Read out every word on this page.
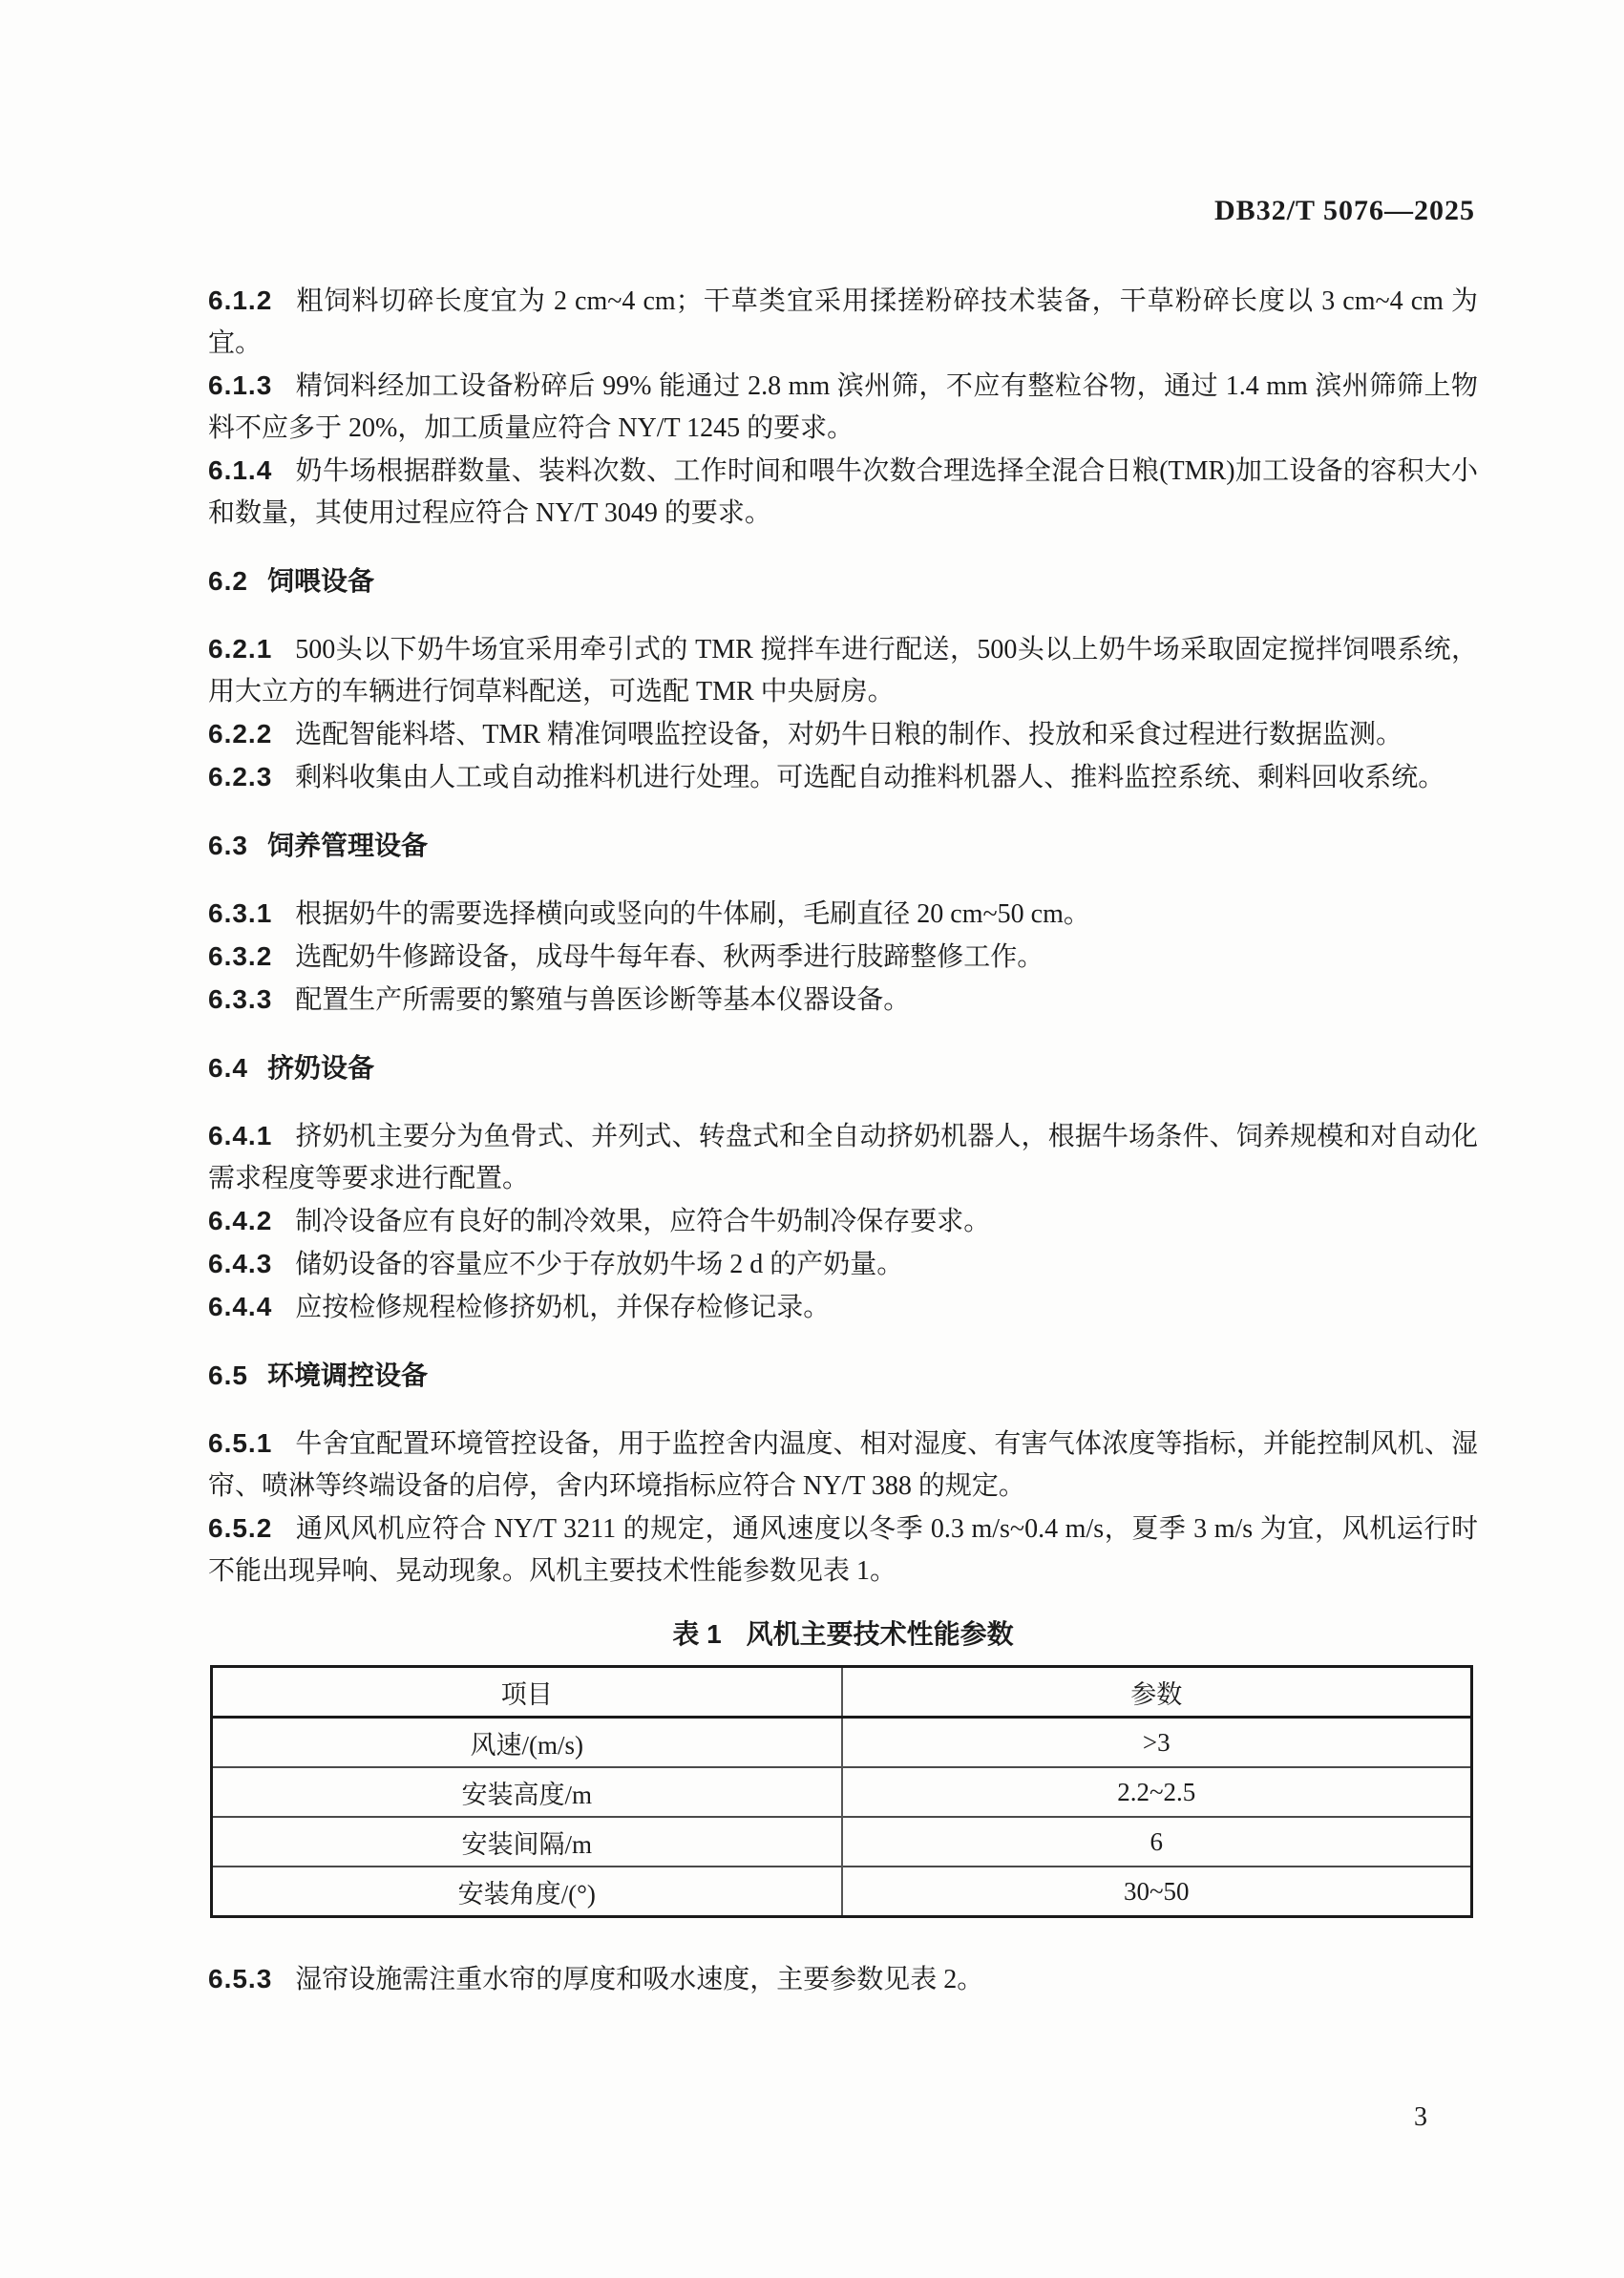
DB32/T 5076—2025

6.1.2 粗饲料切碎长度宜为 2 cm~4 cm；干草类宜采用揉搓粉碎技术装备，干草粉碎长度以 3 cm~4 cm 为宜。

6.1.3 精饲料经加工设备粉碎后 99% 能通过 2.8 mm 滨州筛，不应有整粒谷物，通过 1.4 mm 滨州筛筛上物料不应多于 20%，加工质量应符合 NY/T 1245 的要求。

6.1.4 奶牛场根据群数量、装料次数、工作时间和喂牛次数合理选择全混合日粮(TMR)加工设备的容积大小和数量，其使用过程应符合 NY/T 3049 的要求。

6.2 饲喂设备

6.2.1 500头以下奶牛场宜采用牵引式的 TMR 搅拌车进行配送，500头以上奶牛场采取固定搅拌饲喂系统，用大立方的车辆进行饲草料配送，可选配 TMR 中央厨房。

6.2.2 选配智能料塔、TMR 精准饲喂监控设备，对奶牛日粮的制作、投放和采食过程进行数据监测。

6.2.3 剩料收集由人工或自动推料机进行处理。可选配自动推料机器人、推料监控系统、剩料回收系统。

6.3 饲养管理设备

6.3.1 根据奶牛的需要选择横向或竖向的牛体刷，毛刷直径 20 cm~50 cm。

6.3.2 选配奶牛修蹄设备，成母牛每年春、秋两季进行肢蹄整修工作。

6.3.3 配置生产所需要的繁殖与兽医诊断等基本仪器设备。

6.4 挤奶设备

6.4.1 挤奶机主要分为鱼骨式、并列式、转盘式和全自动挤奶机器人，根据牛场条件、饲养规模和对自动化需求程度等要求进行配置。

6.4.2 制冷设备应有良好的制冷效果，应符合牛奶制冷保存要求。

6.4.3 储奶设备的容量应不少于存放奶牛场 2 d 的产奶量。

6.4.4 应按检修规程检修挤奶机，并保存检修记录。

6.5 环境调控设备

6.5.1 牛舍宜配置环境管控设备，用于监控舍内温度、相对湿度、有害气体浓度等指标，并能控制风机、湿帘、喷淋等终端设备的启停，舍内环境指标应符合 NY/T 388 的规定。

6.5.2 通风风机应符合 NY/T 3211 的规定，通风速度以冬季 0.3 m/s~0.4 m/s，夏季 3 m/s 为宜，风机运行时不能出现异响、晃动现象。风机主要技术性能参数见表 1。

表 1 风机主要技术性能参数

项目	参数
风速/(m/s)	>3
安装高度/m	2.2~2.5
安装间隔/m	6
安装角度/(°)	30~50

6.5.3 湿帘设施需注重水帘的厚度和吸水速度，主要参数见表 2。

3
